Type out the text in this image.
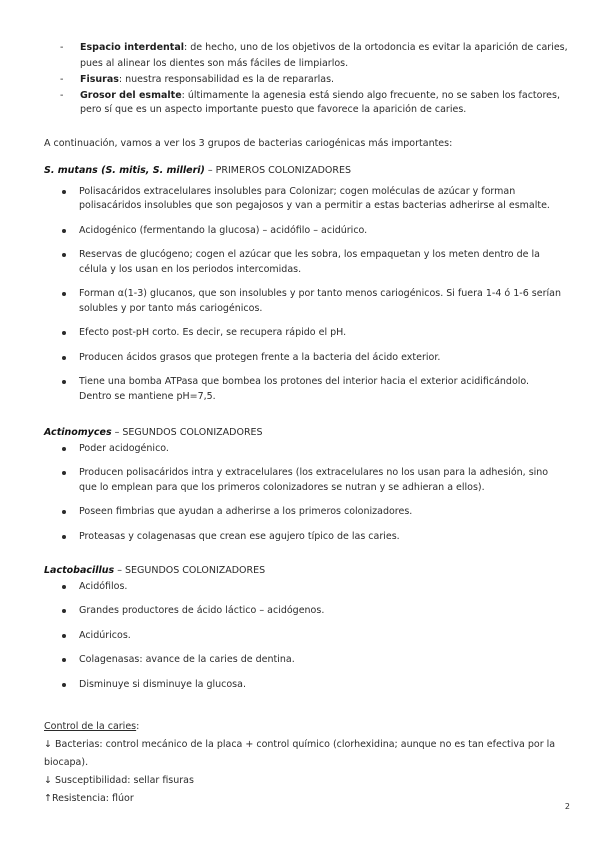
- Espacio interdental: de hecho, uno de los objetivos de la ortodoncia es evitar la aparición de caries, pues al alinear los dientes son más fáciles de limpiarlos.
- Fisuras: nuestra responsabilidad es la de repararlas.
- Grosor del esmalte: últimamente la agenesia está siendo algo frecuente, no se saben los factores, pero sí que es un aspecto importante puesto que favorece la aparición de caries.
A continuación, vamos a ver los 3 grupos de bacterias cariogénicas más importantes:
S. mutans (S. mitis, S. milleri) – PRIMEROS COLONIZADORES
Polisacáridos extracelulares insolubles para Colonizar; cogen moléculas de azúcar y forman polisacáridos insolubles que son pegajosos y van a permitir a estas bacterias adherirse al esmalte.
Acidogénico (fermentando la glucosa) – acidófilo – acidúrico.
Reservas de glucógeno; cogen el azúcar que les sobra, los empaquetan y los meten dentro de la célula y los usan en los periodos intercomidas.
Forman α(1-3) glucanos, que son insolubles y por tanto menos cariogénicos. Si fuera 1-4 ó 1-6 serían solubles y por tanto más cariogénicos.
Efecto post-pH corto. Es decir, se recupera rápido el pH.
Producen ácidos grasos que protegen frente a la bacteria del ácido exterior.
Tiene una bomba ATPasa que bombea los protones del interior hacia el exterior acidificándolo. Dentro se mantiene pH=7,5.
Actinomyces – SEGUNDOS COLONIZADORES
Poder acidogénico.
Producen polisacáridos intra y extracelulares (los extracelulares no los usan para la adhesión, sino que lo emplean para que los primeros colonizadores se nutran y se adhieran a ellos).
Poseen fimbrias que ayudan a adherirse a los primeros colonizadores.
Proteasas y colagenasas que crean ese agujero típico de las caries.
Lactobacillus – SEGUNDOS COLONIZADORES
Acidófilos.
Grandes productores de ácido láctico – acidógenos.
Acidúricos.
Colagenasas: avance de la caries de dentina.
Disminuye si disminuye la glucosa.
Control de la caries:
↓ Bacterias: control mecánico de la placa + control químico (clorhexidina; aunque no es tan efectiva por la biocapa).
↓ Susceptibilidad: sellar fisuras
↑Resistencia: flúor
2
